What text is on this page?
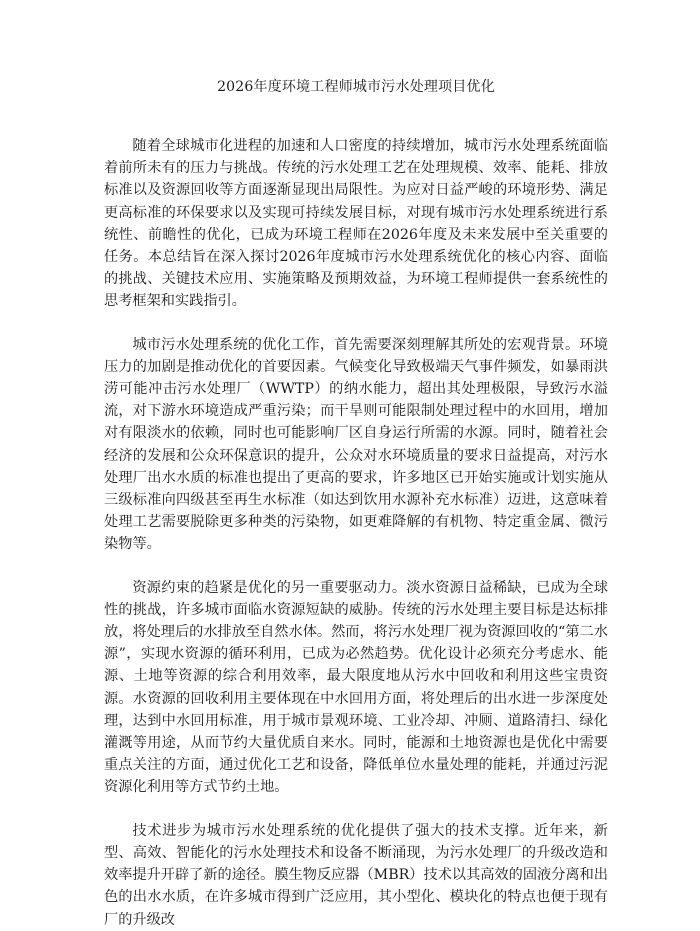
2026年度环境工程师城市污水处理项目优化

随着全球城市化进程的加速和人口密度的持续增加，城市污水处理系统面临着前所未有的压力与挑战。传统的污水处理工艺在处理规模、效率、能耗、排放标准以及资源回收等方面逐渐显现出局限性。为应对日益严峻的环境形势、满足更高标准的环保要求以及实现可持续发展目标，对现有城市污水处理系统进行系统性、前瞻性的优化，已成为环境工程师在2026年度及未来发展中至关重要的任务。本总结旨在深入探讨2026年度城市污水处理系统优化的核心内容、面临的挑战、关键技术应用、实施策略及预期效益，为环境工程师提供一套系统性的思考框架和实践指引。

城市污水处理系统的优化工作，首先需要深刻理解其所处的宏观背景。环境压力的加剧是推动优化的首要因素。气候变化导致极端天气事件频发，如暴雨洪涝可能冲击污水处理厂（WWTP）的纳水能力，超出其处理极限，导致污水溢流，对下游水环境造成严重污染；而干旱则可能限制处理过程中的水回用，增加对有限淡水的依赖，同时也可能影响厂区自身运行所需的水源。同时，随着社会经济的发展和公众环保意识的提升，公众对水环境质量的要求日益提高，对污水处理厂出水水质的标准也提出了更高的要求，许多地区已开始实施或计划实施从三级标准向四级甚至再生水标准（如达到饮用水源补充水标准）迈进，这意味着处理工艺需要脱除更多种类的污染物，如更难降解的有机物、特定重金属、微污染物等。

资源约束的趋紧是优化的另一重要驱动力。淡水资源日益稀缺，已成为全球性的挑战，许多城市面临水资源短缺的威胁。传统的污水处理主要目标是达标排放，将处理后的水排放至自然水体。然而，将污水处理厂视为资源回收的“第二水源”，实现水资源的循环利用，已成为必然趋势。优化设计必须充分考虑水、能源、土地等资源的综合利用效率，最大限度地从污水中回收和利用这些宝贵资源。水资源的回收利用主要体现在中水回用方面，将处理后的出水进一步深度处理，达到中水回用标准，用于城市景观环境、工业冷却、冲厕、道路清扫、绿化灌溉等用途，从而节约大量优质自来水。同时，能源和土地资源也是优化中需要重点关注的方面，通过优化工艺和设备，降低单位水量处理的能耗，并通过污泥资源化利用等方式节约土地。

技术进步为城市污水处理系统的优化提供了强大的技术支撑。近年来，新型、高效、智能化的污水处理技术和设备不断涌现，为污水处理厂的升级改造和效率提升开辟了新的途径。膜生物反应器（MBR）技术以其高效的固液分离和出色的出水水质，在许多城市得到广泛应用，其小型化、模块化的特点也便于现有厂的升级改
